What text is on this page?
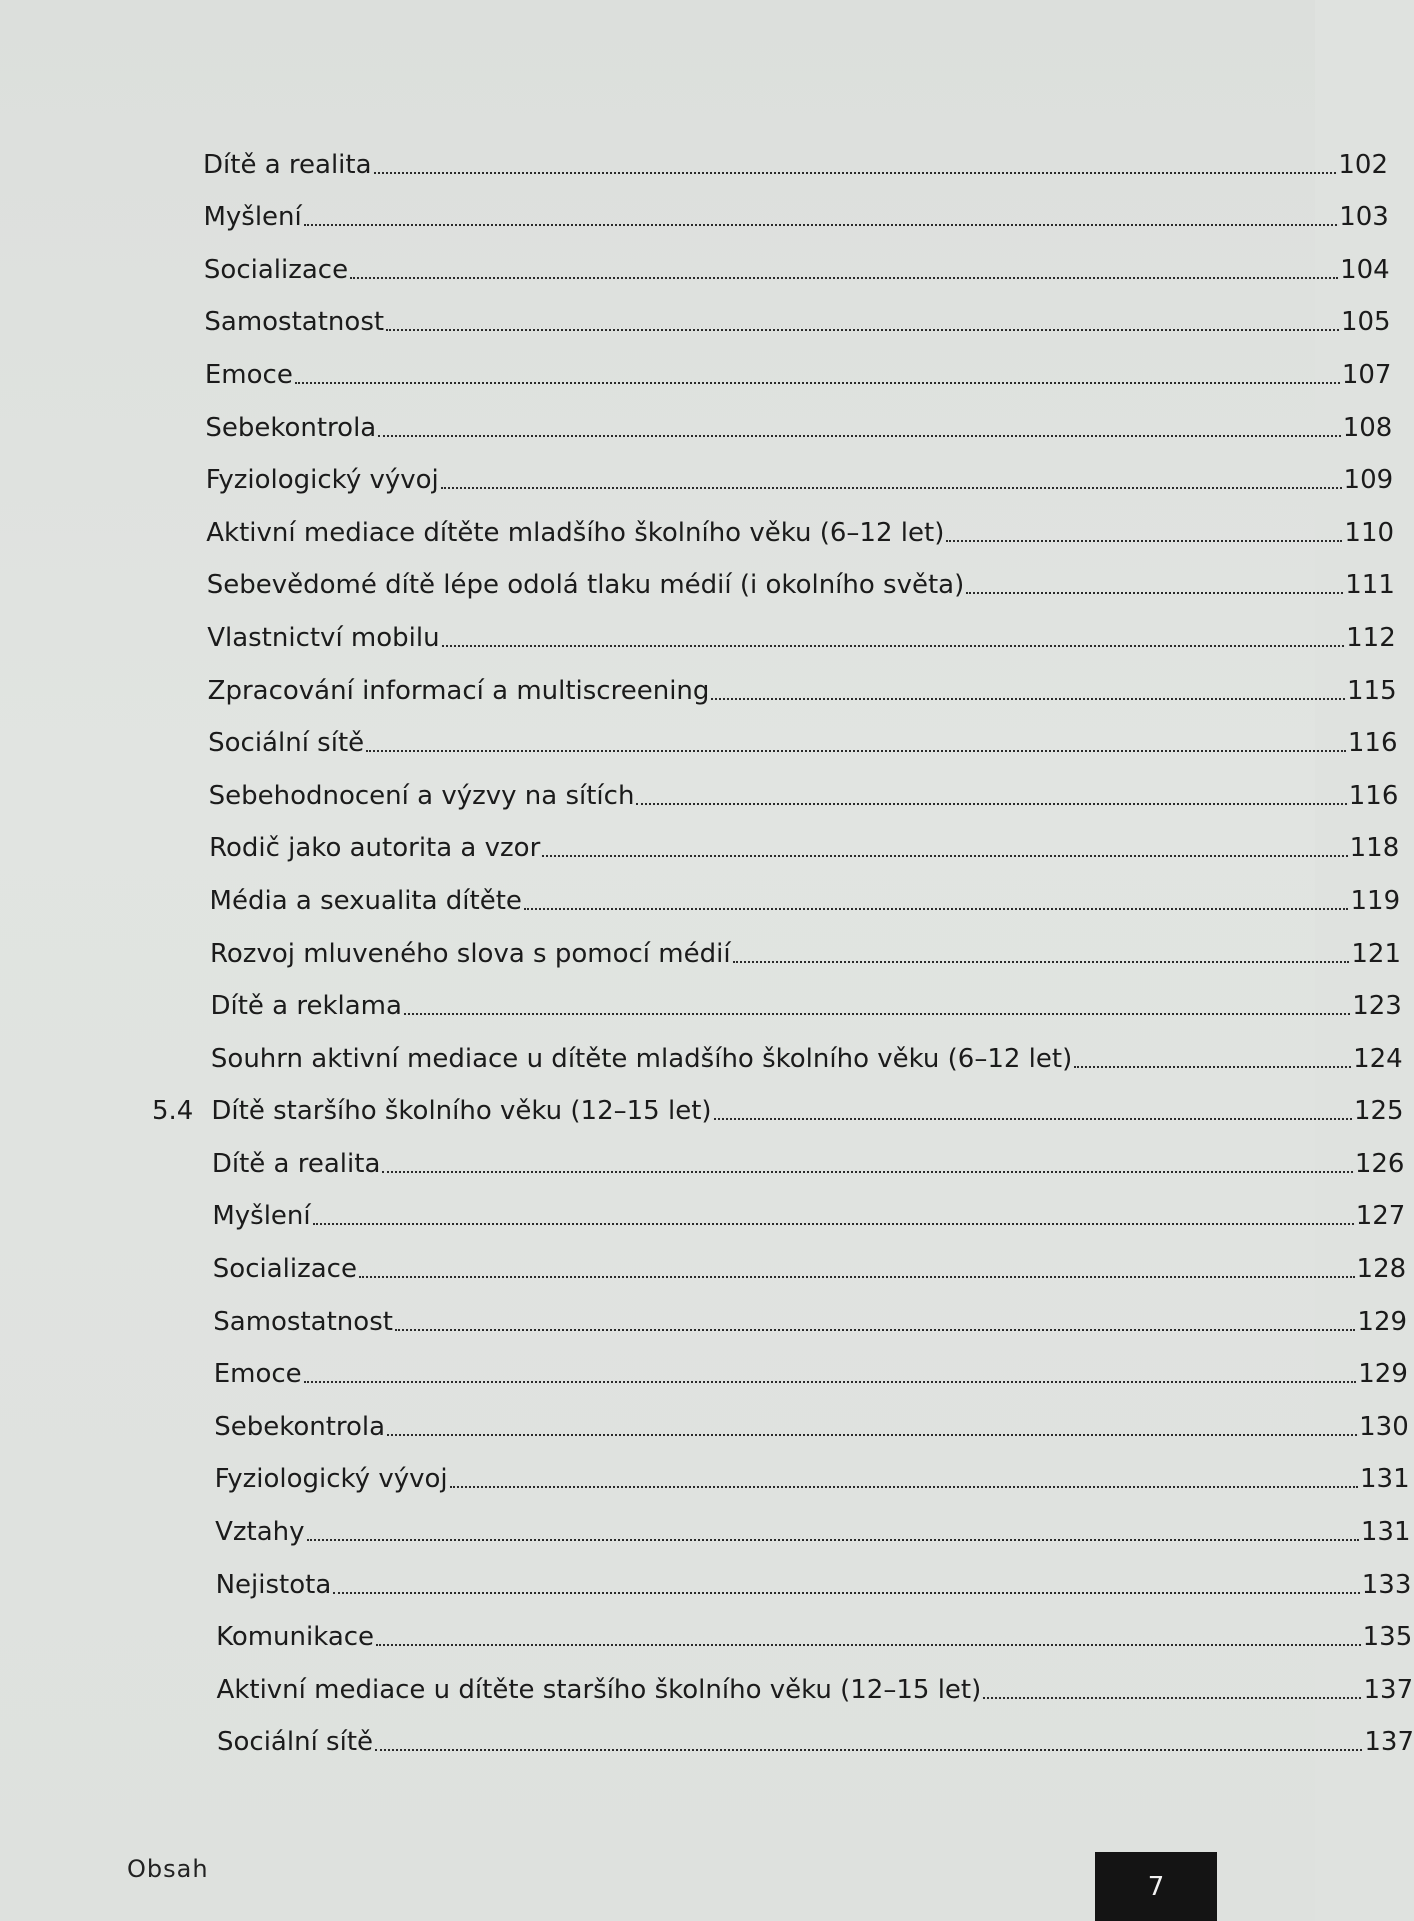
Dítě a realita	102
Myšlení	103
Socializace	104
Samostatnost	105
Emoce	107
Sebekontrola	108
Fyziologický vývoj	109
Aktivní mediace dítěte mladšího školního věku (6–12 let)	110
Sebevědomé dítě lépe odolá tlaku médií (i okolního světa)	111
Vlastnictví mobilu	112
Zpracování informací a multiscreening	115
Sociální sítě	116
Sebehodnocení a výzvy na sítích	116
Rodič jako autorita a vzor	118
Média a sexualita dítěte	119
Rozvoj mluveného slova s pomocí médií	121
Dítě a reklama	123
Souhrn aktivní mediace u dítěte mladšího školního věku (6–12 let)	124
5.4 Dítě staršího školního věku (12–15 let)	125
Dítě a realita	126
Myšlení	127
Socializace	128
Samostatnost	129
Emoce	129
Sebekontrola	130
Fyziologický vývoj	131
Vztahy	131
Nejistota	133
Komunikace	135
Aktivní mediace u dítěte staršího školního věku (12–15 let)	137
Sociální sítě	137
Obsah
7
